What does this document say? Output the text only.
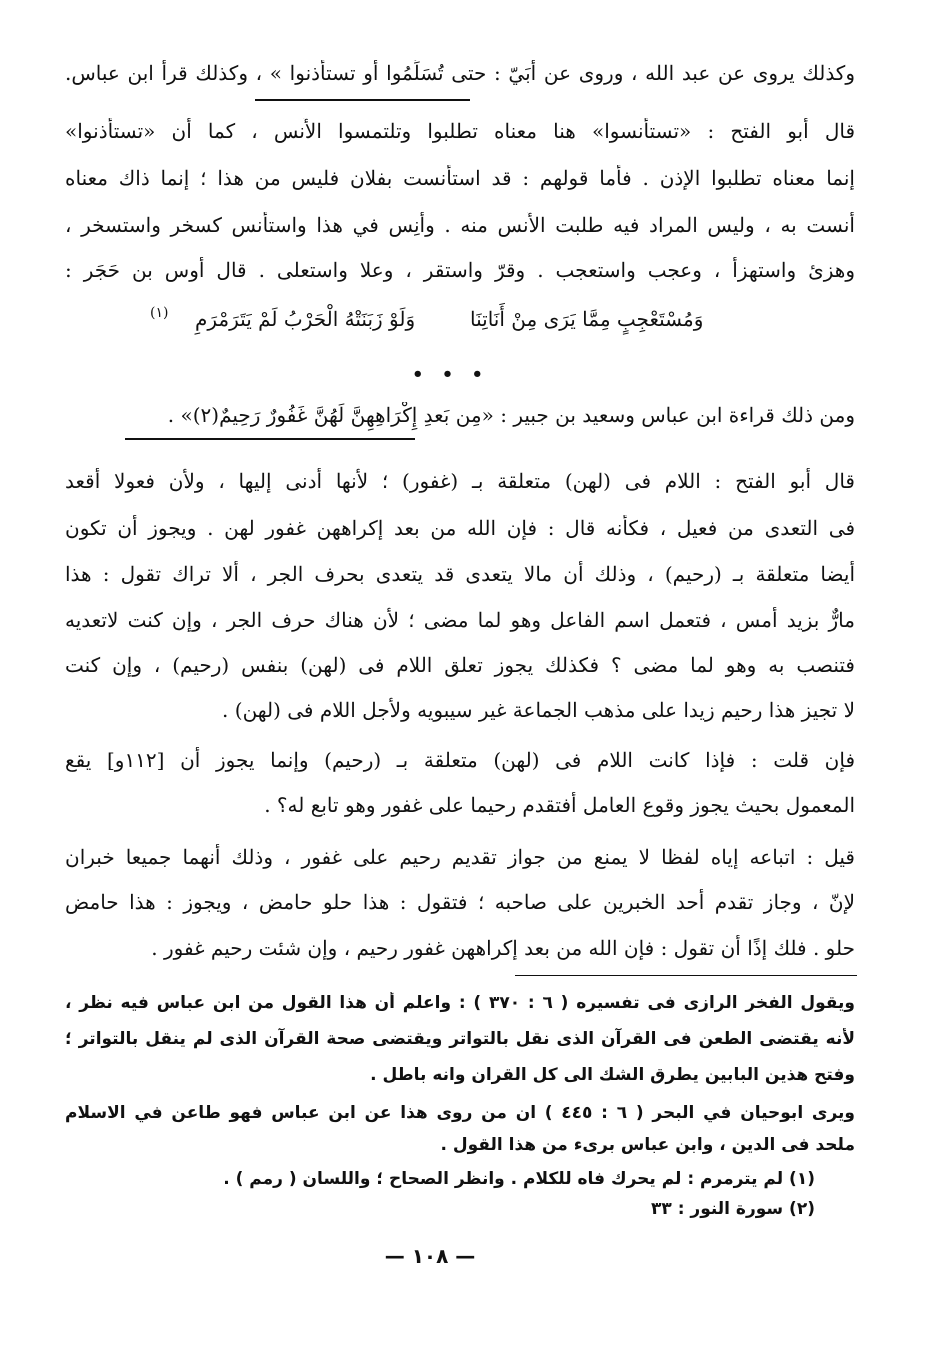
وكذلك يروى عن عبد الله ، وروى عن أُبَيّ : حتى تُسَلِّمُوا أو تستأذنوا » ، وكذلك قرأ ابن عباس.
قال أبو الفتح : «تستأنسوا» هنا معناه تطلبوا وتلتمسوا الأُنس ، كما أن «تستأذنوا»
إنما معناه تطلبوا الإذن . فأما قولهم : قد استأنست بفلان فليس من هذا ؛ إنما ذاك معناه
أنست به ، وليس المراد فيه طلبت الأُنس منه . وأنِس في هذا واستأنس كسخر واستسخر ،
وهزئ واستهزأ ، وعجب واستعجب . وقرّ واستقر ، وعلا واستعلى . قال أوس بن حَجَر :
وَلَوْ زَبَنَتْهُ الْحَرْبُ لَمْ يَتَرَمْرَمِ
(١)	وَمُسْتَعْجِبٍ مِمَّا يَرَى مِنْ أَنَاتِنَا
• • •
ومن ذلك قراءة ابن عباس وسعيد بن جبير : «مِن بَعدِ إِكْرَاهِهِنَّ لَهُنَّ غَفُورٌ رَحِيمٌ(٢)» .
قال أبو الفتح : اللام فى (لهن) متعلقة بـ (غفور) ؛ لأنها أدنى إليها ، ولأن فعولا أقعد
فى التعدى من فعيل ، فكأنه قال : فإن الله من بعد إكراههن غفور لهن . ويجوز أن تكون
أيضا متعلقة بـ (رحيم) ، وذلك أن مالا يتعدى قد يتعدى بحرف الجر ، ألا تراك تقول : هذا
مارٌّ بزيد أمس ، فتعمل اسم الفاعل وهو لما مضى ؛ لأن هناك حرف الجر ، وإن كنت لاتعديه
فتنصب به وهو لما مضى ؟ فكذلك يجوز تعلق اللام فى (لهن) بنفس (رحيم) ، وإن كنت
لا تجيز هذا رحيم زيدا على مذهب الجماعة غير سيبويه ولأجل اللام فى (لهن) .
فإن قلت : فإذا كانت اللام فى (لهن) متعلقة بـ (رحيم) وإنما يجوز أن [١١٢و] يقع
المعمول بحيث يجوز وقوع العامل أفتقدم رحيما على غفور وهو تابع له؟ .
قيل : اتباعه إياه لفظا لا يمنع من جواز تقديم رحيم على غفور ، وذلك أنهما جميعا خبران
لإنّ ، وجاز تقدم أحد الخبرين على صاحبه ؛ فتقول : هذا حلو حامض ، ويجوز : هذا حامض
حلو . فلك إذًا أن تقول : فإن الله من بعد إكراههن غفور رحيم ، وإن شئت رحيم غفور .
ويقول الفخر الرازى فى تفسيره ( ٦ : ٣٧٠ ) : واعلم أن هذا القول من ابن عباس فيه نظر ،
لأنه يقتضى الطعن فى القرآن الذى نقل بالتواتر ويقتضى صحة القرآن الذى لم ينقل بالتواتر ؛
وفتح هذين البابين يطرق الشك الى كل القران وانه باطل .
ويرى ابوحيان في البحر ( ٦ : ٤٤٥ ) ان من روى هذا عن ابن عباس فهو طاعن في الاسلام
ملحد فى الدين ، وابن عباس برىء من هذا القول .
(١) لم يترمرم : لم يحرك فاه للكلام . وانظر الصحاح ؛ واللسان ( رمم ) .
(٢) سورة النور : ٣٣
— ١٠٨ —
